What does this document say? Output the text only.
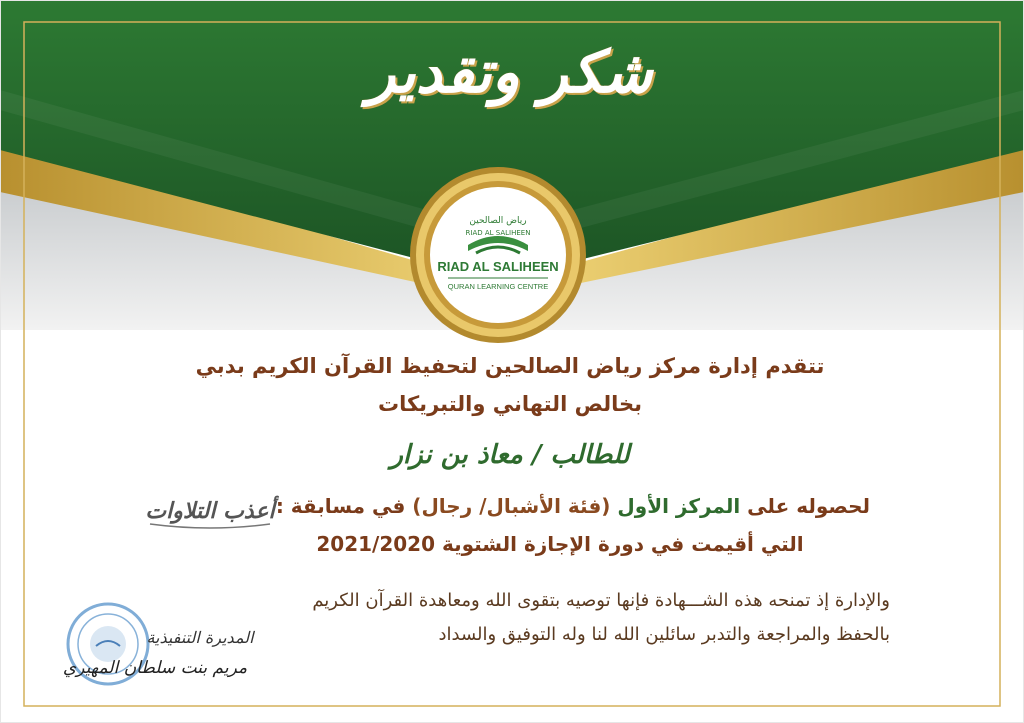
شكر وتقدير
رياض الصالحين
RIAD AL SALIHEEN
RIAD AL SALIHEEN
QURAN LEARNING CENTRE
تتقدم إدارة مركز رياض الصالحين لتحفيظ القرآن الكريم بدبي
بخالص التهاني والتبريكات
للطالب / معاذ بن نزار
لحصوله على المركز الأول (فئة الأشبال/ رجال) في مسابقة :
أعذب التلاوات
التي أقيمت في دورة الإجازة الشتوية 2021/2020
والإدارة إذ تمنحه هذه الشـــهادة فإنها توصيه بتقوى الله ومعاهدة القرآن الكريم
بالحفظ والمراجعة والتدبر سائلين الله لنا وله التوفيق والسداد
المديرة التنفيذية
مريم بنت سلطان المهيري
